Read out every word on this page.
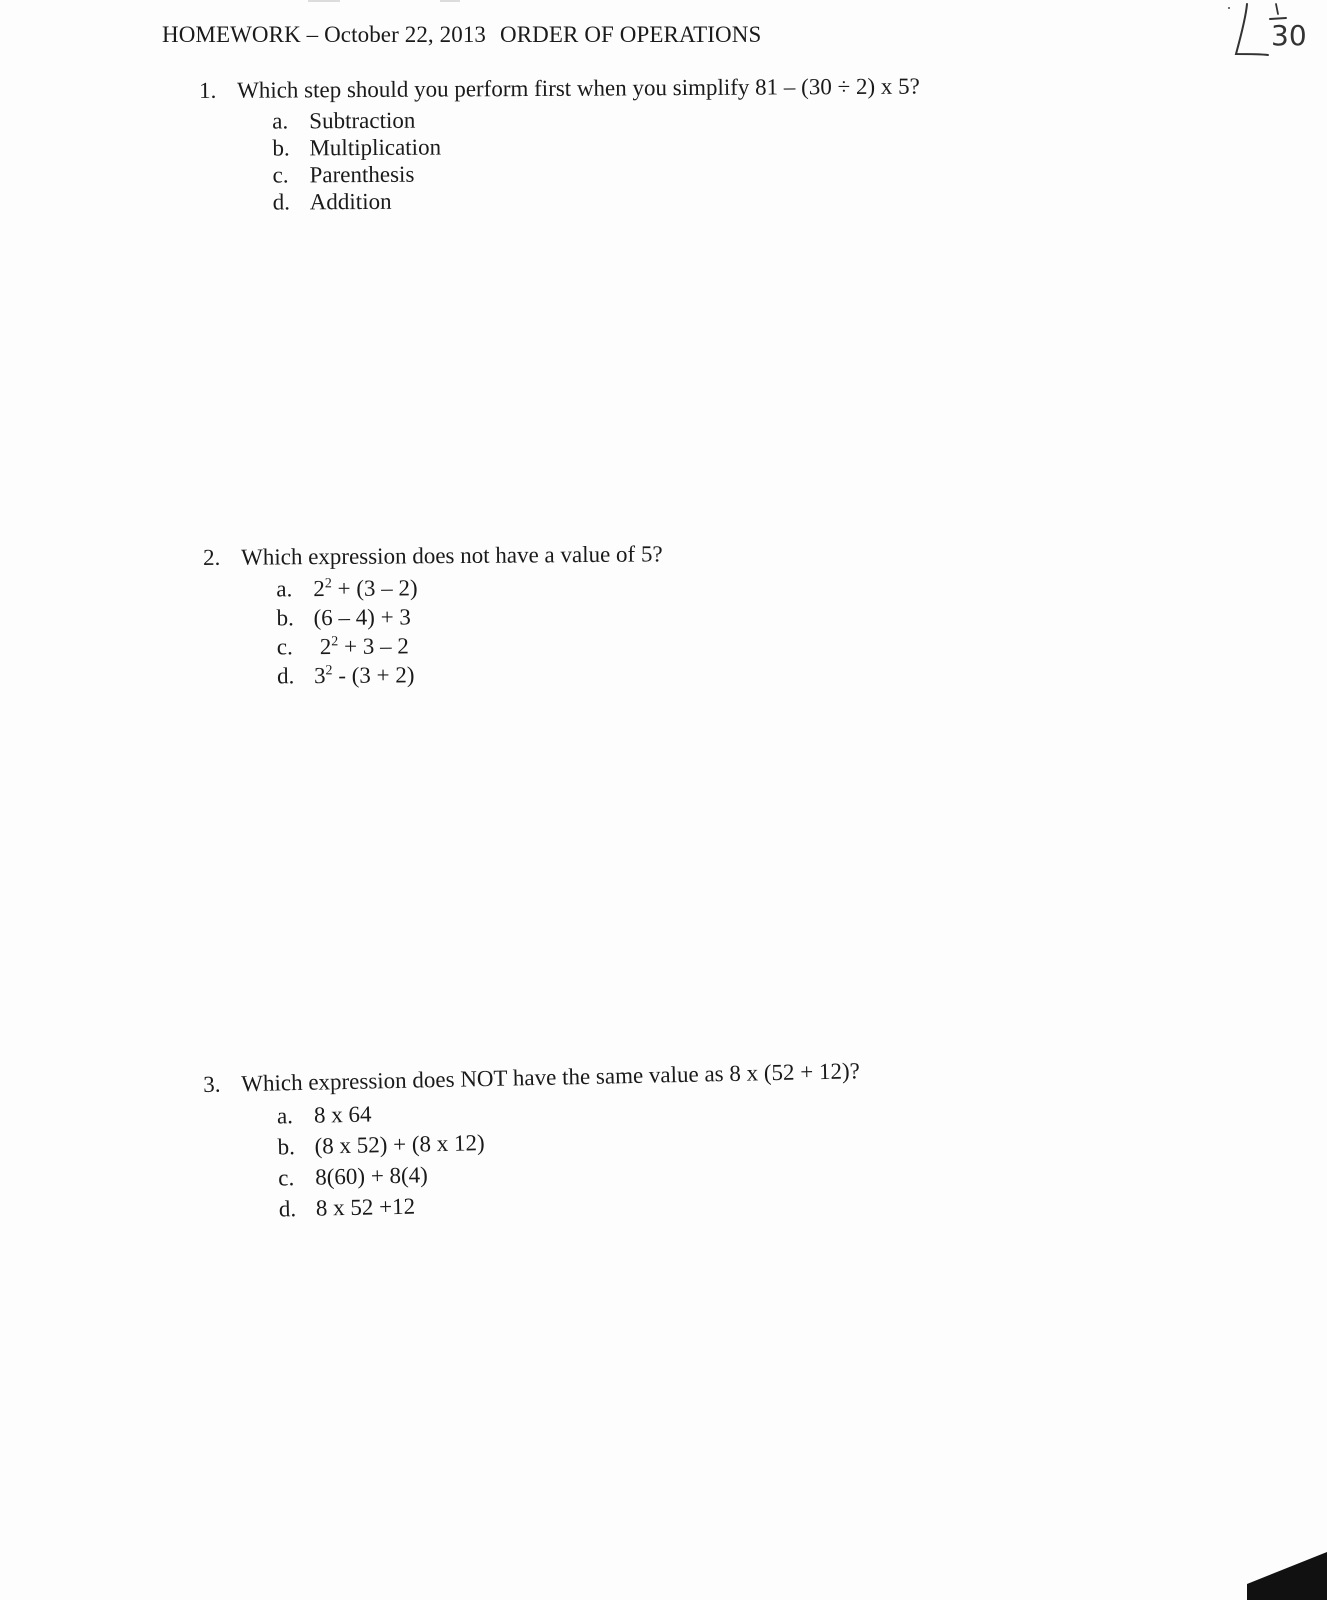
HOMEWORK – October 22, 2013 ORDER OF OPERATIONS	30
1. Which step should you perform first when you simplify 81 – (30 ÷ 2) x 5?
a. Subtraction
b. Multiplication
c. Parenthesis
d. Addition
2. Which expression does not have a value of 5?
a. $2^2 + (3 - 2)$
b. (6 – 4) + 3
c.	$2^2 + 3 - 2$
d. $3^2 - (3 + 2)$
3. Which expression does NOT have the same value as 8 x (52 + 12)?
a. 8 x 64
b. (8 x 52) + (8 x 12)
c. 8(60) + 8(4)
d. 8 x 52 +12
